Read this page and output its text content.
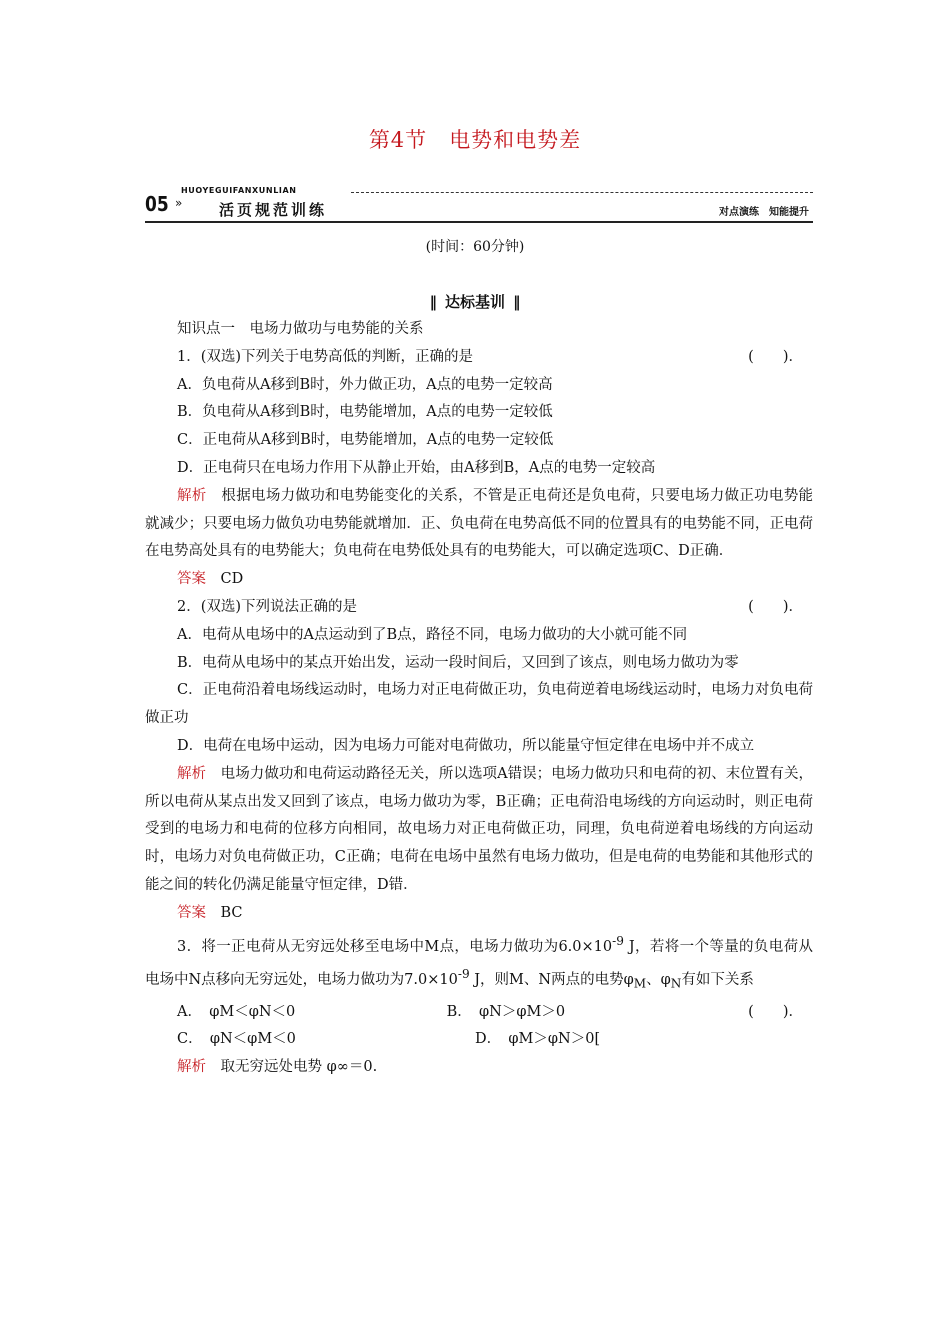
第4节 电势和电势差
HUOYEGUIFANXUNLIAN
05 » 活页规范训练	对点演练 知能提升
(时间：60分钟)
‖ 达标基训 ‖

知识点一　电场力做功与电势能的关系

1．(双选)下列关于电势高低的判断，正确的是	(　　)．

A．负电荷从A移到B时，外力做正功，A点的电势一定较高

B．负电荷从A移到B时，电势能增加，A点的电势一定较低

C．正电荷从A移到B时，电势能增加，A点的电势一定较低

D．正电荷只在电场力作用下从静止开始，由A移到B，A点的电势一定较高

解析　 根据电场力做功和电势能变化的关系，不管是正电荷还是负电荷，只要电场力做正功电势能就减少；只要电场力做负功电势能就增加．正、负电荷在电势高低不同的位置具有的电势能不同，正电荷在电势高处具有的电势能大；负电荷在电势低处具有的电势能大，可以确定选项C、D正确．

答案　 CD

2．(双选)下列说法正确的是	(　　)．

A．电荷从电场中的A点运动到了B点，路径不同，电场力做功的大小就可能不同

B．电荷从电场中的某点开始出发，运动一段时间后，又回到了该点，则电场力做功为零

C．正电荷沿着电场线运动时，电场力对正电荷做正功，负电荷逆着电场线运动时，电场力对负电荷做正功

D．电荷在电场中运动，因为电场力可能对电荷做功，所以能量守恒定律在电场中并不成立

解析　 电场力做功和电荷运动路径无关，所以选项A错误；电场力做功只和电荷的初、末位置有关，所以电荷从某点出发又回到了该点，电场力做功为零，B正确；正电荷沿电场线的方向运动时，则正电荷受到的电场力和电荷的位移方向相同，故电场力对正电荷做正功，同理，负电荷逆着电场线的方向运动时，电场力对负电荷做正功，C正确；电荷在电场中虽然有电场力做功，但是电荷的电势能和其他形式的能之间的转化仍满足能量守恒定律，D错．

答案　 BC

3．将一正电荷从无穷远处移至电场中M点，电场力做功为$6.0\times 10^{-9}$ J，若将一个等量的负电荷从电场中N点移向无穷远处，电场力做功为$7.0\times 10^{-9}$ J，则M、N两点的电势$\varphi_M$、$\varphi_N$有如下关系
(　　)．

A．　φM＜φN＜0	B．　φN＞φM＞0
C．　φN＜φM＜0	D．　φM＞φN＞0[

解析　 取无穷远处电势 φ∞＝0.
